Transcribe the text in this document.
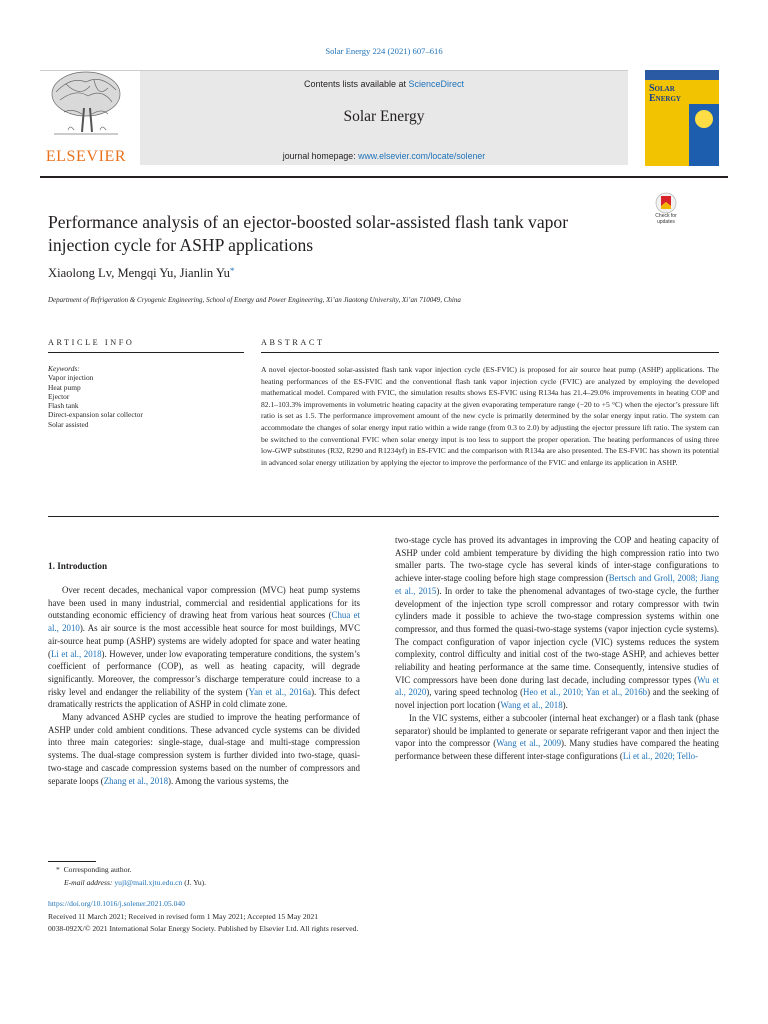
Solar Energy 224 (2021) 607–616
ELSEVIER
Contents lists available at ScienceDirect
Solar Energy
journal homepage: www.elsevier.com/locate/solener
Solar
Energy
Performance analysis of an ejector-boosted solar-assisted flash tank vapor
injection cycle for ASHP applications
Check for
updates
Xiaolong Lv, Mengqi Yu, Jianlin Yu*
Department of Refrigeration & Cryogenic Engineering, School of Energy and Power Engineering, Xi’an Jiaotong University, Xi’an 710049, China
ARTICLE INFO	ABSTRACT
Keywords:
Vapor injection
Heat pump
Ejector
Flash tank
Direct-expansion solar collector
Solar assisted
A novel ejector-boosted solar-assisted flash tank vapor injection cycle (ES-FVIC) is proposed for air source heat pump (ASHP) applications. The heating performances of the ES-FVIC and the conventional flash tank vapor injection cycle (FVIC) are analyzed by employing the developed mathematical model. Compared with FVIC, the simulation results shows ES-FVIC using R134a has 21.4–29.0% improvements in heating COP and 82.1–103.3% improvements in volumetric heating capacity at the given evaporating temperature range (−20 to +5 °C) when the ejector’s pressure lift ratio is set as 1.5. The performance improvement amount of the new cycle is primarily determined by the solar energy input ratio. The system can accommodate the changes of solar energy input ratio within a wide range (from 0.3 to 2.0) by adjusting the ejector pressure lift ratio. The system can be switched to the conventional FVIC when solar energy input is too less to support the proper operation. The heating performances of using three low-GWP substitutes (R32, R290 and R1234yf) in ES-FVIC and the comparison with R134a are also presented. The ES-FVIC has shown its potential in advanced solar energy utilization by applying the ejector to improve the performance of the FVIC and enlarge its application in ASHP.
1. Introduction

Over recent decades, mechanical vapor compression (MVC) heat pump systems have been used in many industrial, commercial and residential applications for its outstanding economic efficiency of drawing heat from various heat sources (Chua et al., 2010). As air source is the most accessible heat source for most buildings, MVC air-source heat pump (ASHP) systems are widely adopted for space and water heating (Li et al., 2018). However, under low evaporating temperature conditions, the system’s coefficient of performance (COP), as well as heating capacity, will degrade significantly. Moreover, the compressor’s discharge temperature could increase to a risky level and endanger the reliability of the system (Yan et al., 2016a). This defect dramatically restricts the application of ASHP in cold climate zone.

Many advanced ASHP cycles are studied to improve the heating performance of ASHP under cold ambient conditions. These advanced cycle systems can be divided into three main categories: single-stage, dual-stage and multi-stage compression systems. The dual-stage compression system is further divided into two-stage, quasi-two-stage and cascade compression systems based on the number of compressors and separate loops (Zhang et al., 2018). Among the various systems, the

two-stage cycle has proved its advantages in improving the COP and heating capacity of ASHP under cold ambient temperature by dividing the high compression ratio into two smaller parts. The two-stage cycle has several kinds of inter-stage configurations to achieve inter-stage cooling before high stage compression (Bertsch and Groll, 2008; Jiang et al., 2015). In order to take the phenomenal advantages of two-stage cycle, the further development of the injection type scroll compressor and rotary compressor with twin cylinders made it possible to achieve the two-stage compression systems within one compressor, and thus formed the quasi-two-stage systems (vapor injection cycle systems). The compact configuration of vapor injection cycle (VIC) systems reduces the system complexity, control difficulty and initial cost of the two-stage ASHP, and achieves better reliability and heating performance at the same time. Consequently, intensive studies of VIC compressors have been done during last decade, including compressor types (Wu et al., 2020), varing speed technolog (Heo et al., 2010; Yan et al., 2016b) and the seeking of novel injection port location (Wang et al., 2018).

In the VIC systems, either a subcooler (internal heat exchanger) or a flash tank (phase separator) should be implanted to generate or separate refrigerant vapor and then inject the vapor into the compressor (Wang et al., 2009). Many studies have compared the heating performance between these different inter-stage configurations (Li et al., 2020; Tello-

* Corresponding author.
E-mail address: yujl@mail.xjtu.edu.cn (J. Yu).
https://doi.org/10.1016/j.solener.2021.05.040
Received 11 March 2021; Received in revised form 1 May 2021; Accepted 15 May 2021
0038-092X/© 2021 International Solar Energy Society. Published by Elsevier Ltd. All rights reserved.
